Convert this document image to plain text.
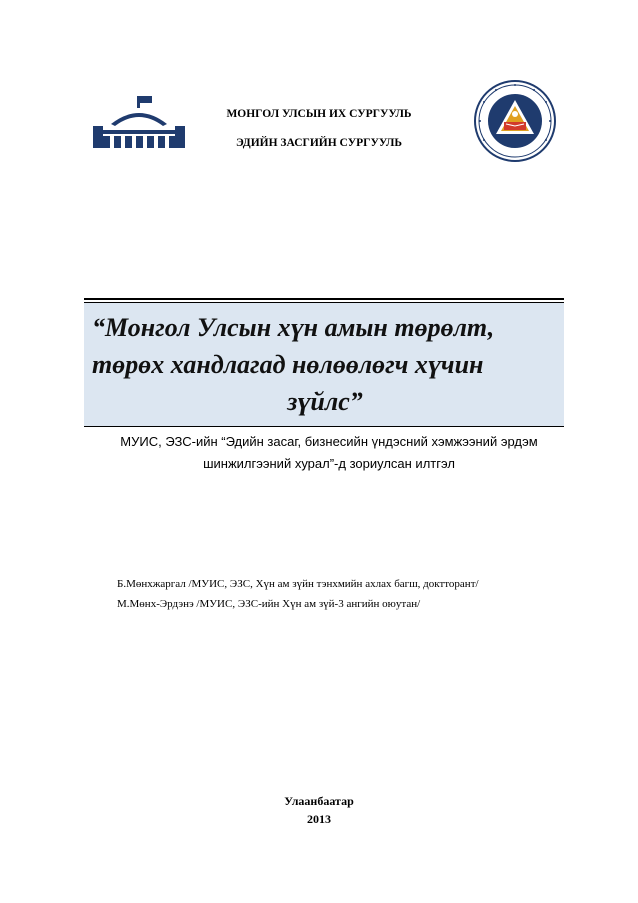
МОНГОЛ УЛСЫН ИХ СУРГУУЛЬ
ЭДИЙН ЗАСГИЙН СУРГУУЛЬ
“Монгол Улсын хүн амын төрөлт,
төрөх хандлагад нөлөөлөгч хүчин
зүйлс”
МУИС, ЭЗС-ийн “Эдийн засаг, бизнесийн үндэсний хэмжээний эрдэм
шинжилгээний хурал”-д зориулсан илтгэл
Б.Мөнхжаргал /МУИС, ЭЗС, Хүн ам зүйн тэнхмийн ахлах багш, доктторант/
М.Мөнх-Эрдэнэ /МУИС, ЭЗС-ийн Хүн ам зүй-3 ангийн оюутан/
Улаанбаатар
2013
